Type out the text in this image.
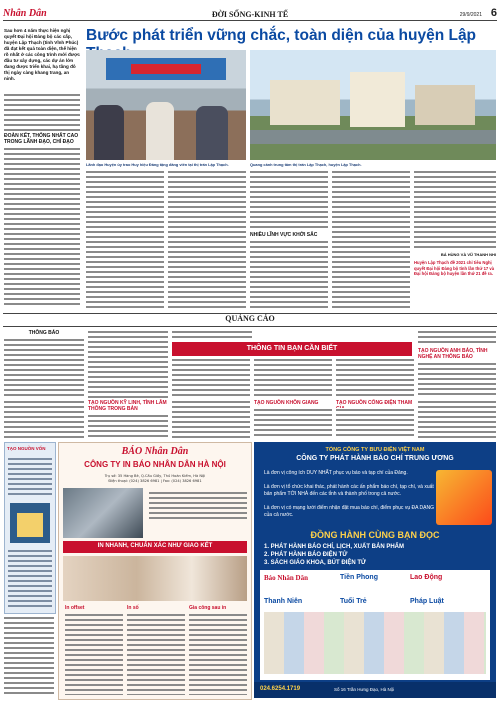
Nhân Dân	ĐỜI SỐNG-KINH TẾ	29/9/2021 6
Sau hơn 4 năm thực hiện nghị quyết Đại hội Đảng bộ các cấp, huyện Lập Thạch (tỉnh Vĩnh Phúc) đã đạt kết quả toàn diện, thế hiện rõ nhất ở các công trình mới được đầu tư xây dựng, các dự án lớn đang được triển khai, hạ tầng đô thị ngày càng khang trang, an ninh.
ĐOÀN KẾT, THỐNG NHẤT CAO TRONG LÃNH ĐẠO, CHỈ ĐẠO
Bước phát triển vững chắc, toàn diện của huyện Lập
Lãnh đạo Huyện ủy trao Huy hiệu Đảng tặng đảng viên tại thị trấn Lập Thạch.	Quang cảnh trung tâm thị trấn Lập Thạch, huyện Lập Thạch.
NHIỀU LĨNH VỰC KHỞI SẮC
BÁ HÙNG VÀ VŨ THANH NHI
Huyện Lập Thạch đề 2021 chỉ tiêu Nghị quyết Đại hội Đảng bộ tỉnh lần thứ 17 và Đại hội Đảng bộ huyện lần thứ 21 đề ra.
QUẢNG CÁO
THÔNG BÁO
THÔNG TIN BẠN CẦN BIẾT	TẠO NGUỒN ANH BÁO, TÌNH NGHỆ AN THÔNG BÁO
TẠO NGUỒN KỸ LINH, TÌNH LÂM THÔNG TRONG BẢN
TẠO NGUỒN KHÔN GIANG	TẠO NGUỒN CỐNG ĐIỆN THAM
TẠO NGUỒN VỐN	BÁO Nhân Dân
CÔNG TY IN BÁO NHÂN DÂN HÀ NỘI
Trụ sở: 35 Hàng Bè, Q.Cầu Giấy, Thủ Hoàn Kiếm, Hà Nội
Điện thoại: (024) 3826 6981 | Fax: (024) 3826 6981
IN NHANH, CHUẨN XÁC NHƯ GIAO KẾT
In offset	In số	Gia công sau in
TỔNG CÔNG TY BƯU ĐIỆN VIỆT NAM
CÔNG TY PHÁT HÀNH BÁO CHÍ TRUNG ƯƠNG
Là đơn vị công ích DUY NHẤT phục vụ báo và tạp chí của Đảng.
Là đơn vị tổ chức khai thác, phát hành các ấn phẩm báo chí, tạp chí, và xuất bản phẩm TỚI NHÀ đến các tỉnh và thành phố trong cả nước.
Là đơn vị có mạng lưới điểm nhận đặt mua báo chí, điểm phục vụ ĐA DẠNG của cả nước.
ĐỒNG HÀNH CÙNG BẠN ĐỌC
1. PHÁT HÀNH BÁO CHÍ, LỊCH, XUẤT BẢN PHẨM
2. PHÁT HÀNH BÁO ĐIỆN TỬ
3. SÁCH GIÁO KHOA, BÚT ĐIỆN TỬ
Báo Nhân Dân	Lao Động
Thanh Niên	Tuổi Trẻ	Pháp Luật
Tiền Phong
024.6254.1719	Số 16 Trần Hưng Đạo, Hà Nội
